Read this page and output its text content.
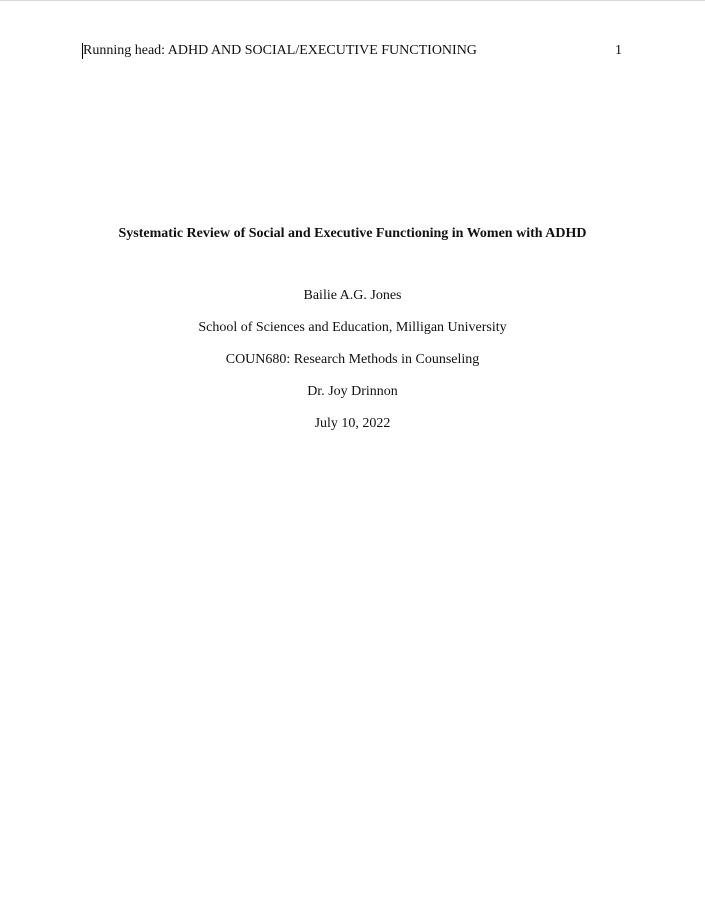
Running head: ADHD AND SOCIAL/EXECUTIVE FUNCTIONING	1

Systematic Review of Social and Executive Functioning in Women with ADHD

Bailie A.G. Jones

School of Sciences and Education, Milligan University

COUN680: Research Methods in Counseling

Dr. Joy Drinnon

July 10, 2022
